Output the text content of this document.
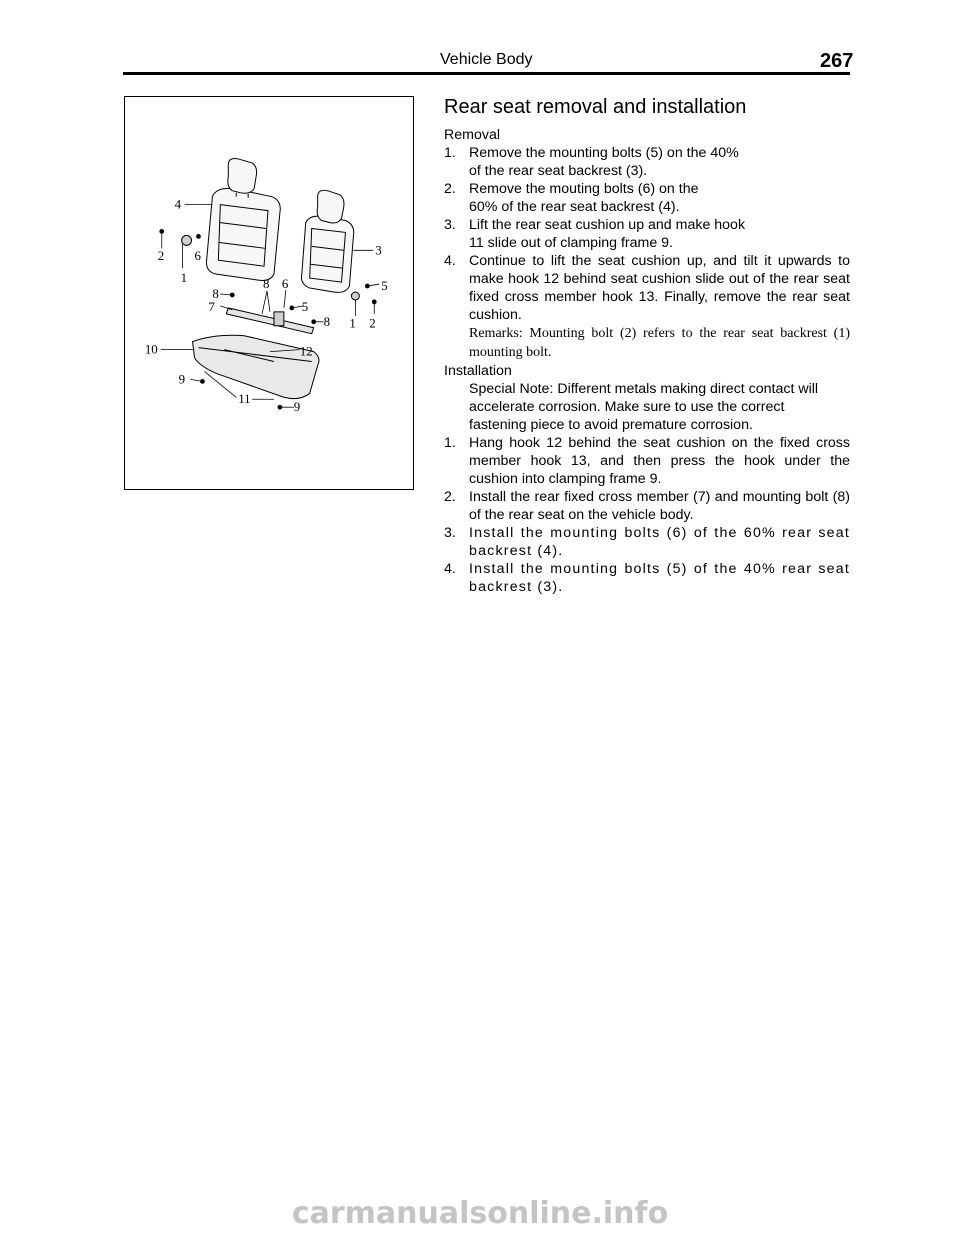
Vehicle Body	267
4
2
1
6	3
5
1 2
8
7
8 6
5
8
10	12
9
11
9
Rear seat removal and installation

Removal

1. Remove the mounting bolts (5) on the 40% of the rear seat backrest (3).
2. Remove the mouting bolts (6) on the 60% of the rear seat backrest (4).
3. Lift the rear seat cushion up and make hook 11 slide out of clamping frame 9.
4. Continue to lift the seat cushion up, and tilt it upwards to make hook 12 behind seat cushion slide out of the rear seat fixed cross member hook 13. Finally, remove the rear seat cushion.

Remarks: Mounting bolt (2) refers to the rear seat backrest (1) mounting bolt.

Installation

Special Note: Different metals making direct contact will accelerate corrosion. Make sure to use the correct fastening piece to avoid premature corrosion.

1. Hang hook 12 behind the seat cushion on the fixed cross member hook 13, and then press the hook under the cushion into clamping frame 9.
2. Install the rear fixed cross member (7) and mounting bolt (8) of the rear seat on the vehicle body.
3. Install the mounting bolts (6) of the 60% rear seat backrest (4).
4. Install the mounting bolts (5) of the 40% rear seat backrest (3).
carmanualsonline.info
